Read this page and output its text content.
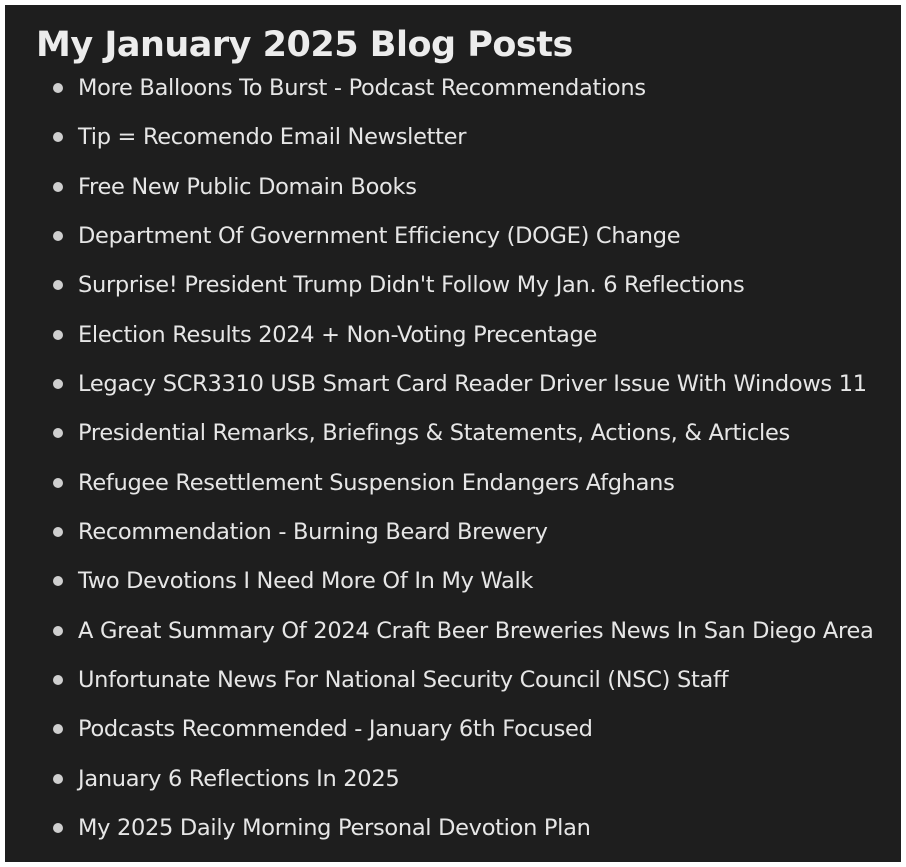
My January 2025 Blog Posts
More Balloons To Burst - Podcast Recommendations
Tip = Recomendo Email Newsletter
Free New Public Domain Books
Department Of Government Efficiency (DOGE) Change
Surprise! President Trump Didn't Follow My Jan. 6 Reflections
Election Results 2024 + Non-Voting Precentage
Legacy SCR3310 USB Smart Card Reader Driver Issue With Windows 11
Presidential Remarks, Briefings & Statements, Actions, & Articles
Refugee Resettlement Suspension Endangers Afghans
Recommendation - Burning Beard Brewery
Two Devotions I Need More Of In My Walk
A Great Summary Of 2024 Craft Beer Breweries News In San Diego Area
Unfortunate News For National Security Council (NSC) Staff
Podcasts Recommended - January 6th Focused
January 6 Reflections In 2025
My 2025 Daily Morning Personal Devotion Plan
